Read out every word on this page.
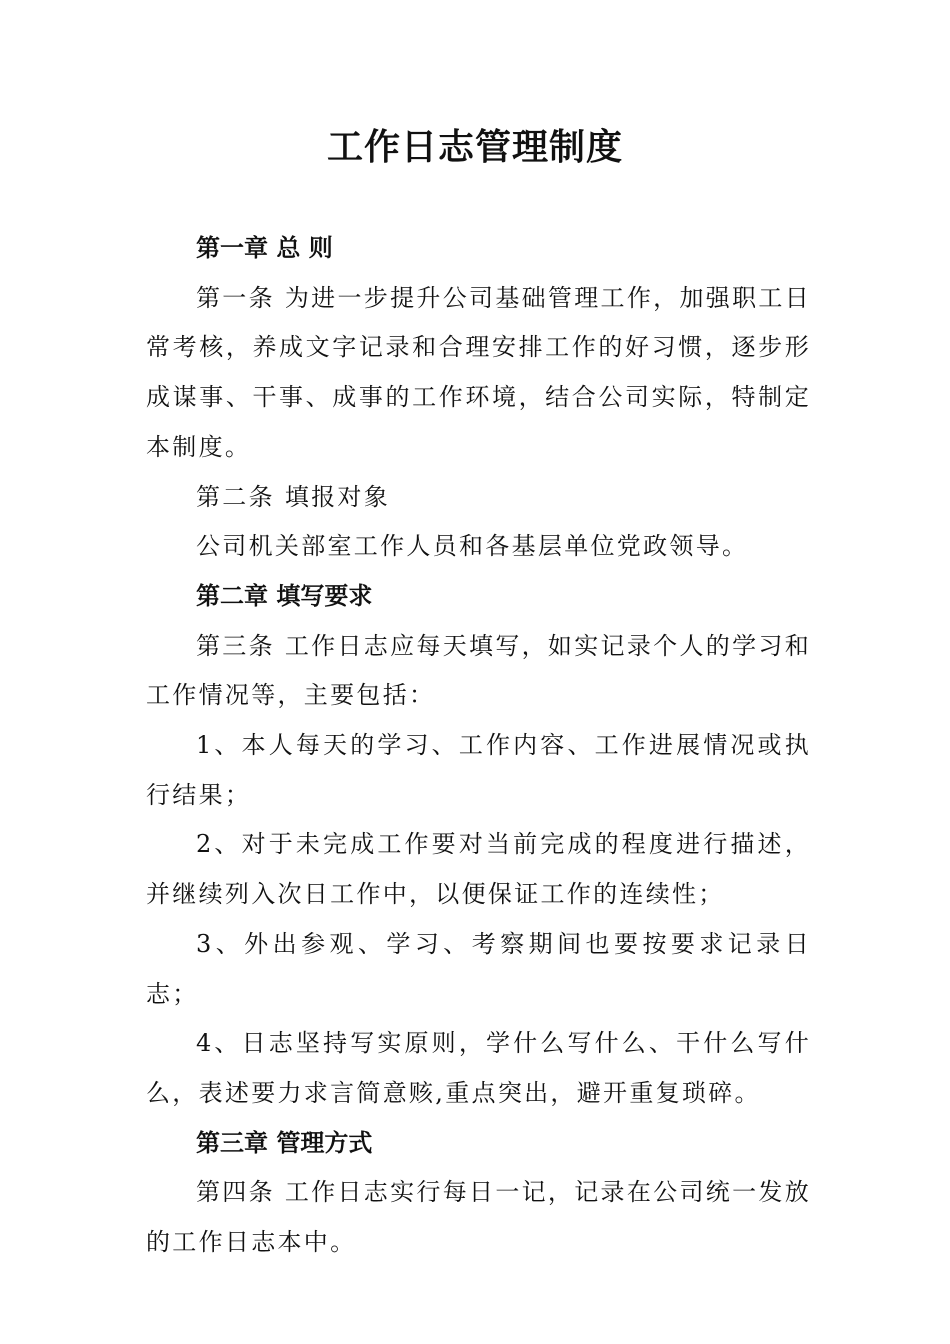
工作日志管理制度

第一章 总 则

第一条 为进一步提升公司基础管理工作，加强职工日常考核，养成文字记录和合理安排工作的好习惯，逐步形成谋事、干事、成事的工作环境，结合公司实际，特制定本制度。

第二条 填报对象

公司机关部室工作人员和各基层单位党政领导。

第二章 填写要求

第三条 工作日志应每天填写，如实记录个人的学习和工作情况等，主要包括：

1、本人每天的学习、工作内容、工作进展情况或执行结果；

2、对于未完成工作要对当前完成的程度进行描述，并继续列入次日工作中，以便保证工作的连续性；

3、外出参观、学习、考察期间也要按要求记录日志；

4、日志坚持写实原则，学什么写什么、干什么写什么，表述要力求言简意赅,重点突出，避开重复琐碎。

第三章 管理方式

第四条 工作日志实行每日一记，记录在公司统一发放的工作日志本中。
